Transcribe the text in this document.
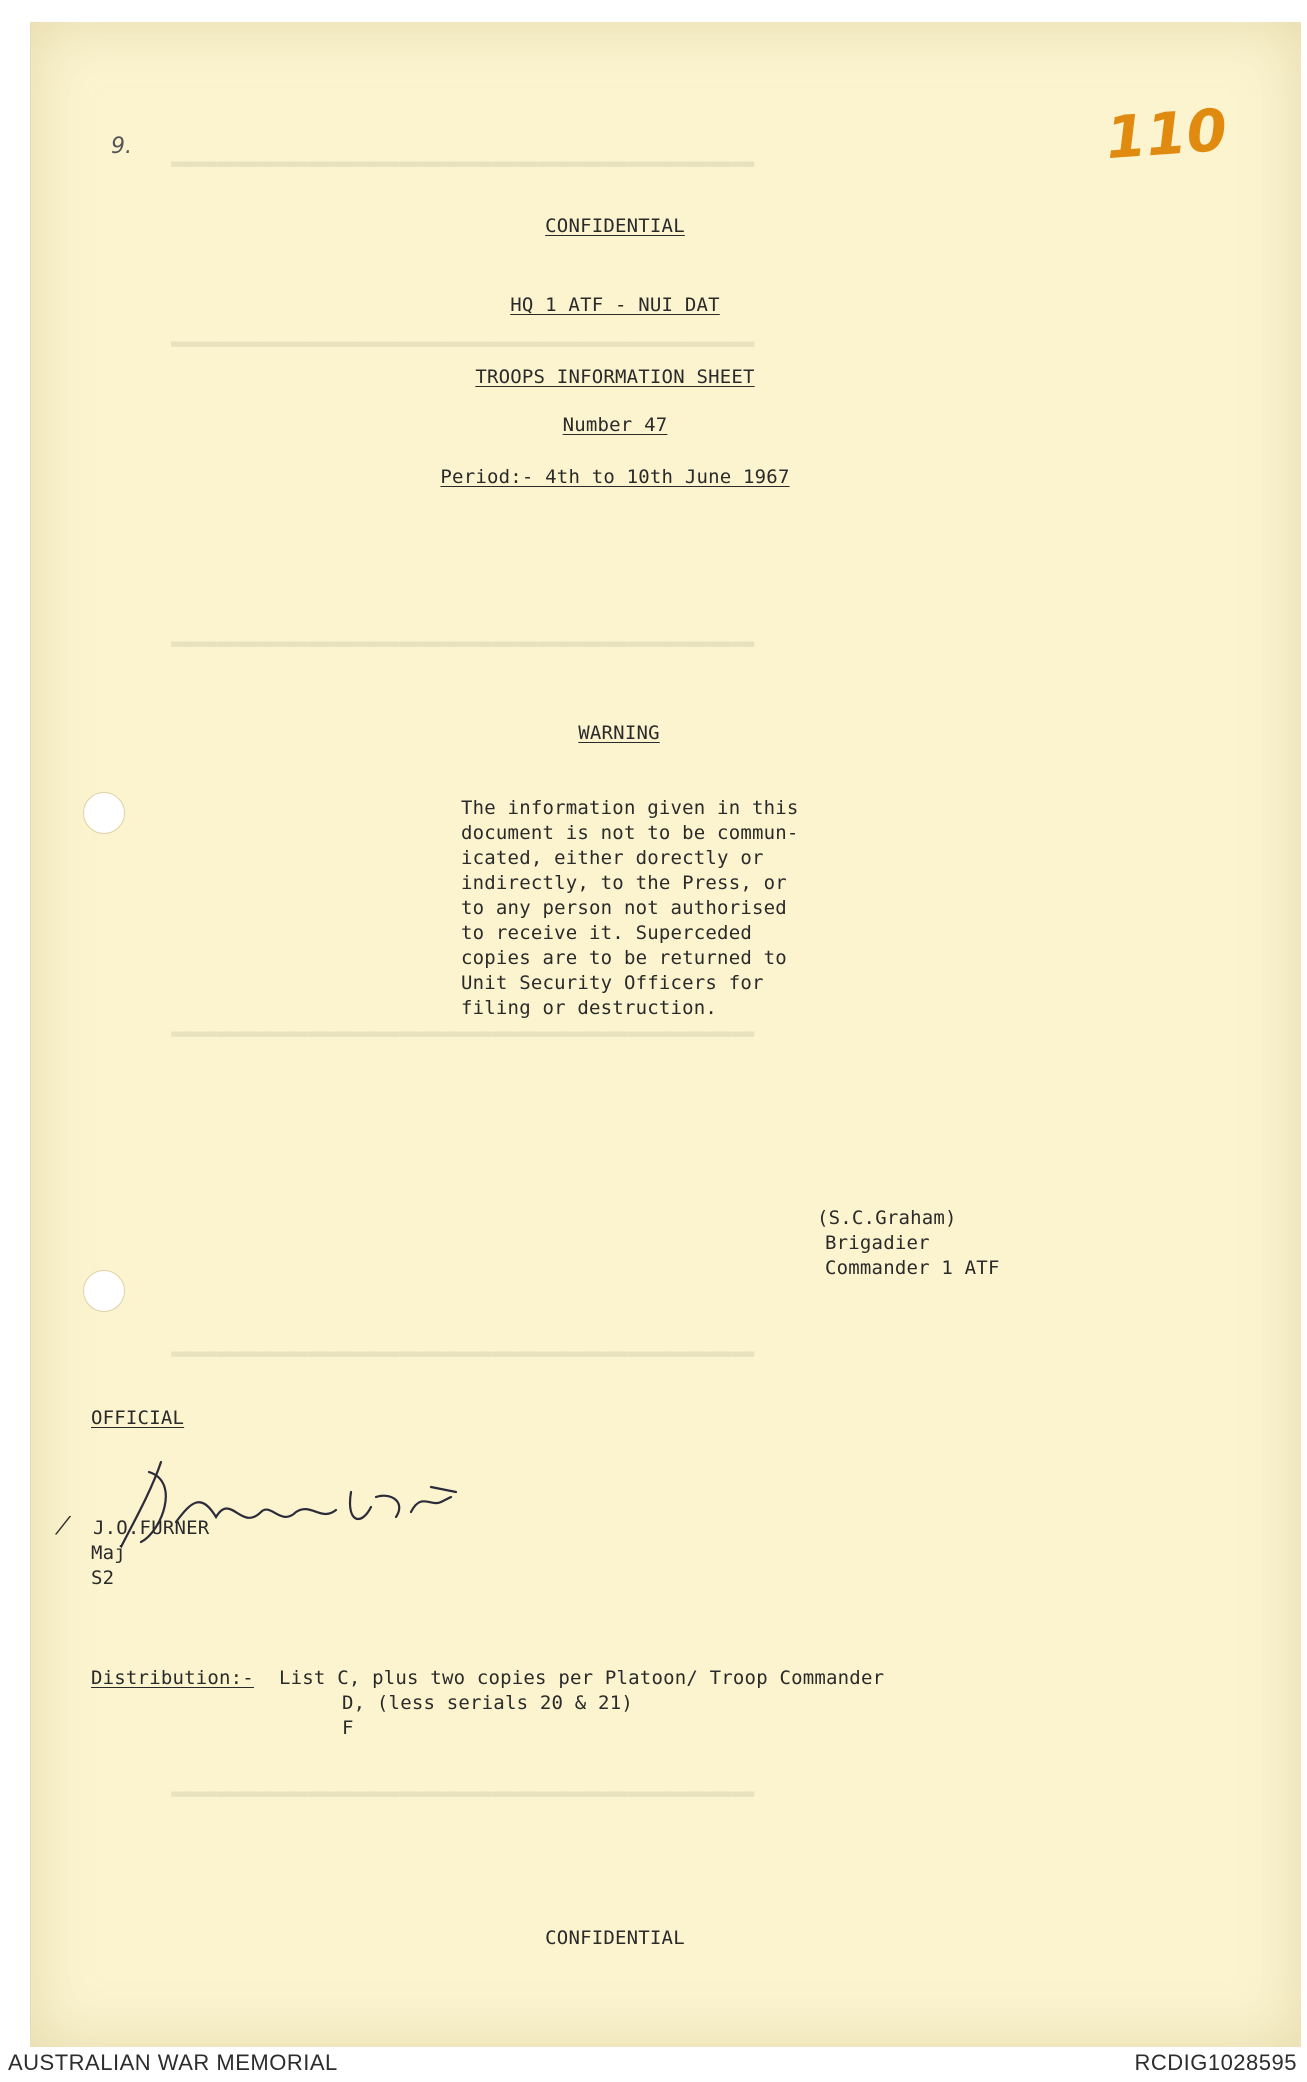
▬▬▬▬▬▬▬▬▬▬▬▬▬▬▬▬▬▬▬▬▬▬▬▬▬▬▬▬▬▬▬▬▬▬▬▬▬▬▬▬▬▬▬▬▬▬▬▬▬▬▬
▬▬▬▬▬▬▬▬▬▬▬▬▬▬▬▬▬▬▬▬▬▬▬▬▬▬▬▬▬▬▬▬▬▬▬▬▬▬▬▬▬▬▬▬▬▬▬▬▬▬▬
▬▬▬▬▬▬▬▬▬▬▬▬▬▬▬▬▬▬▬▬▬▬▬▬▬▬▬▬▬▬▬▬▬▬▬▬▬▬▬▬▬▬▬▬▬▬▬▬▬▬▬
▬▬▬▬▬▬▬▬▬▬▬▬▬▬▬▬▬▬▬▬▬▬▬▬▬▬▬▬▬▬▬▬▬▬▬▬▬▬▬▬▬▬▬▬▬▬▬▬▬▬▬
▬▬▬▬▬▬▬▬▬▬▬▬▬▬▬▬▬▬▬▬▬▬▬▬▬▬▬▬▬▬▬▬▬▬▬▬▬▬▬▬▬▬▬▬▬▬▬▬▬▬▬
▬▬▬▬▬▬▬▬▬▬▬▬▬▬▬▬▬▬▬▬▬▬▬▬▬▬▬▬▬▬▬▬▬▬▬▬▬▬▬▬▬▬▬▬▬▬▬▬▬▬▬
110
9.
CONFIDENTIAL
HQ 1 ATF - NUI DAT
TROOPS INFORMATION SHEET
Number 47
Period:- 4th to 10th June 1967
WARNING
The information given in this
document is not to be commun-
icated, either dorectly or
indirectly, to the Press, or
to any person not authorised
to receive it. Superceded
copies are to be returned to
Unit Security Officers for
filing or destruction.
(S.C.Graham)
Brigadier
Commander 1 ATF
OFFICIAL
⁄‌ J.O.FURNER
Maj
S2
Distribution:- List C, plus two copies per Platoon/ Troop Commander
D, (less serials 20 & 21)
F
CONFIDENTIAL
AUSTRALIAN WAR MEMORIAL	RCDIG1028595
